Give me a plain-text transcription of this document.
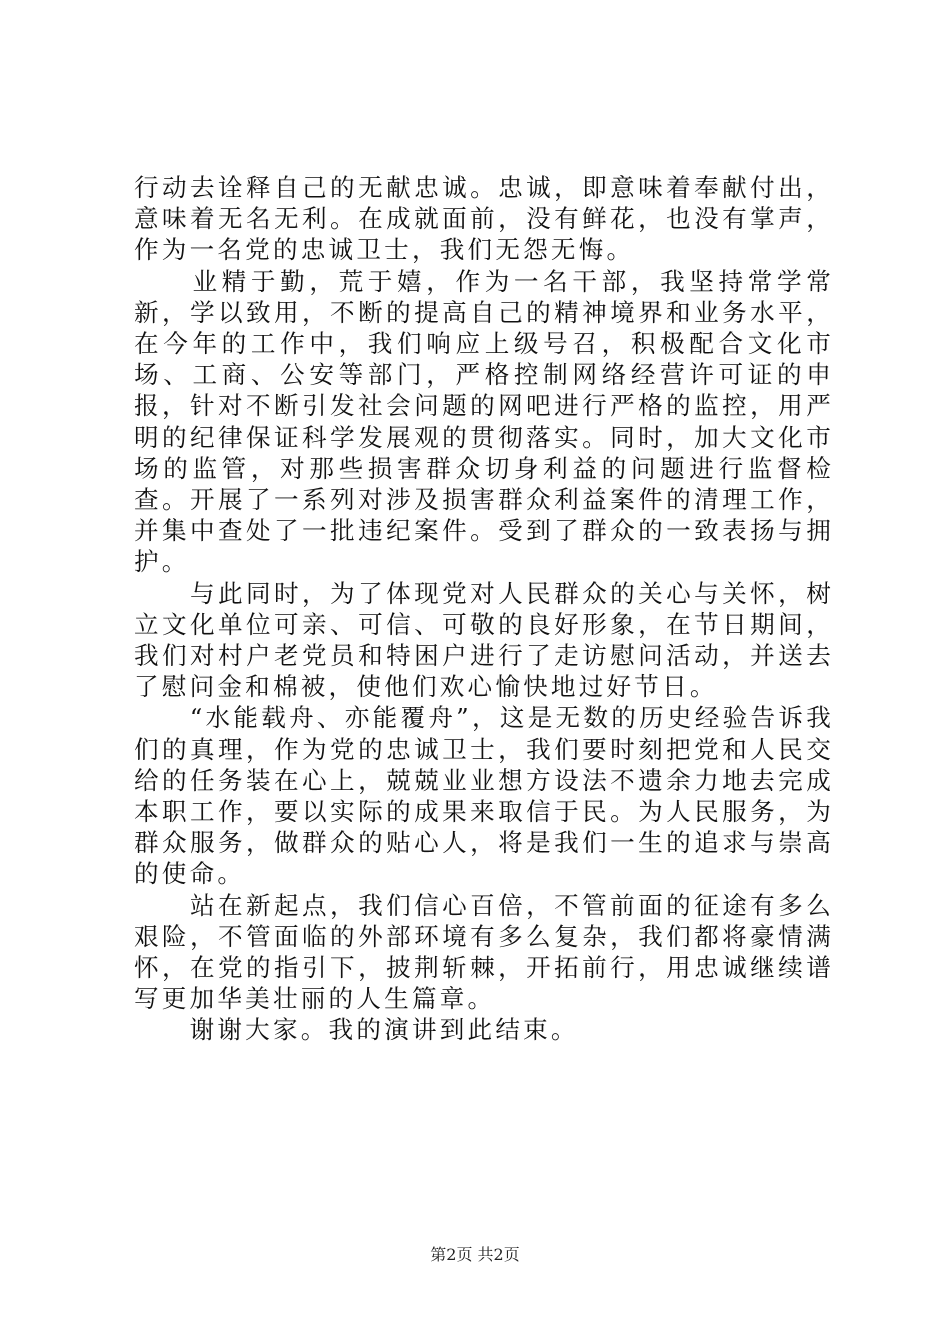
行动去诠释自己的无献忠诚。忠诚，即意味着奉献付出，意味着无名无利。在成就面前，没有鲜花，也没有掌声，作为一名党的忠诚卫士，我们无怨无悔。

　　业精于勤，荒于嬉，作为一名干部，我坚持常学常新，学以致用，不断的提高自己的精神境界和业务水平，在今年的工作中，我们响应上级号召，积极配合文化市场、工商、公安等部门，严格控制网络经营许可证的申报，针对不断引发社会问题的网吧进行严格的监控，用严明的纪律保证科学发展观的贯彻落实。同时，加大文化市场的监管，对那些损害群众切身利益的问题进行监督检查。开展了一系列对涉及损害群众利益案件的清理工作，并集中查处了一批违纪案件。受到了群众的一致表扬与拥护。

　　与此同时，为了体现党对人民群众的关心与关怀，树立文化单位可亲、可信、可敬的良好形象，在节日期间，我们对村户老党员和特困户进行了走访慰问活动，并送去了慰问金和棉被，使他们欢心愉快地过好节日。

　　“水能载舟、亦能覆舟”，这是无数的历史经验告诉我们的真理，作为党的忠诚卫士，我们要时刻把党和人民交给的任务装在心上，兢兢业业想方设法不遗余力地去完成本职工作，要以实际的成果来取信于民。为人民服务，为群众服务，做群众的贴心人，将是我们一生的追求与崇高的使命。

　　站在新起点，我们信心百倍，不管前面的征途有多么艰险，不管面临的外部环境有多么复杂，我们都将豪情满怀，在党的指引下，披荆斩棘，开拓前行，用忠诚继续谱写更加华美壮丽的人生篇章。

　　谢谢大家。我的演讲到此结束。

第2页 共2页
